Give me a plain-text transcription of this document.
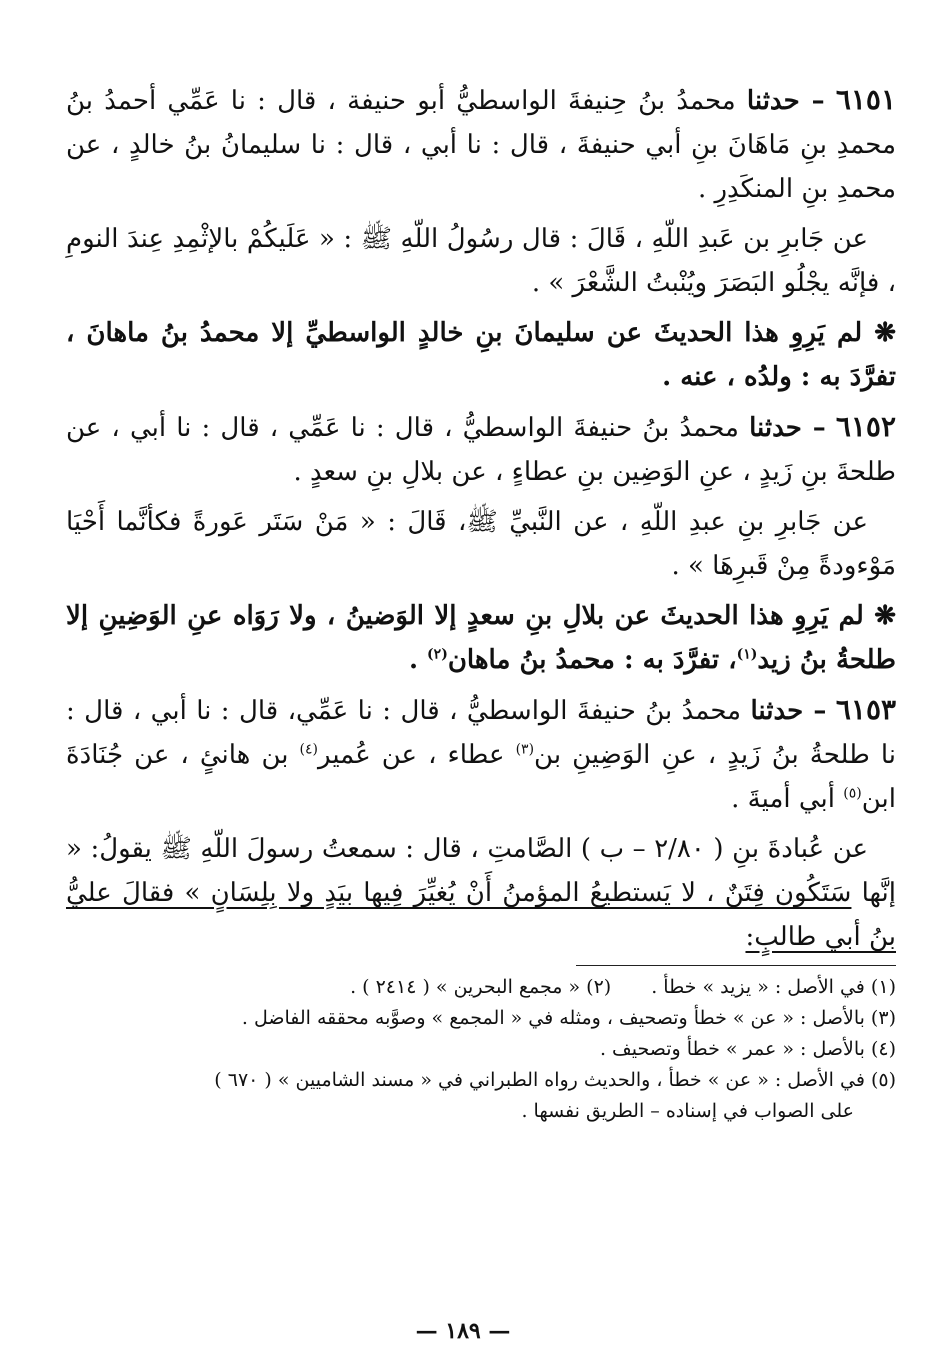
٦١٥١ – حدثنا محمدُ بنُ حِنيفةَ الواسطيُّ أبو حنيفة ، قال : نا عَمِّي أحمدُ بنُ محمدِ بنِ مَاهَانَ بنِ أبي حنيفةَ ، قال : نا أبي ، قال : نا سليمانُ بنُ خالدٍ ، عن محمدِ بنِ المنكَدِرِ .

عن جَابرِ بن عَبدِ اللّهِ ، قَالَ : قال رسُولُ اللّهِ ﷺ : « عَلَيكُمْ بالإثْمِدِ عِندَ النومِ ، فإنَّه يجْلُو البَصَرَ ويُنْبتُ الشَّعْرَ » .

❋ لم يَرِوِ هذا الحديثَ عن سليمانَ بنِ خالدٍ الواسطيِّ إلا محمدُ بنُ ماهانَ ، تفرَّدَ به : ولدُه ، عنه .

٦١٥٢ – حدثنا محمدُ بنُ حنيفةَ الواسطيُّ ، قال : نا عَمِّي ، قال : نا أبي ، عن طلحةَ بنِ زَيدٍ ، عنِ الوَضِين بنِ عطاءٍ ، عن بلالِ بنِ سعدٍ .

عن جَابرِ بنِ عبدِ اللّهِ ، عن النَّبيِّ ﷺ، قَالَ : « مَنْ سَتَر عَورةً فكأنَّما أَحْيَا مَوْءودةً مِنْ قَبرِهَا » .

❋ لم يَرِوِ هذا الحديثَ عن بلالِ بنِ سعدٍ إلا الوَضينُ ، ولا رَوَاه عنِ الوَضِينِ إلا طلحةُ بنُ زيد$^{(١)}$، تفرَّدَ به : محمدُ بنُ ماهان$^{(٢)}$ .

٦١٥٣ – حدثنا محمدُ بنُ حنيفةَ الواسطيُّ ، قال : نا عَمِّي، قال : نا أبي ، قال : نا طلحةُ بنُ زَيدٍ ، عنِ الوَضِينِ بن$^{(٣)}$ عطاء ، عن عُمير$^{(٤)}$ بن هانئٍ ، عن جُنَادَةَ ابن$^{(٥)}$ أبي أميةَ .

عن عُبادةَ بنِ ( ٢/٨٠ – ب ) الصَّامتِ ، قال : سمعتُ رسولَ اللّهِ ﷺ يقولُ: « إنَّها سَتَكُون فِتَنٌ ، لا يَستطيعُ المؤمنُ أَنْ يُغيِّرَ فِيها بيَدٍ ولا بِلِسَانٍ » فقالَ عليُّ بنُ أبي طالبٍ:

(١) في الأصل : « يزيد » خطأ .
(٢) « مجمع البحرين » ( ٢٤١٤ ) .

(٣) بالأصل : « عن » خطأ وتصحيف ، ومثله في « المجمع » وصوَّبه محققه الفاضل .

(٤) بالأصل : « عمر » خطأ وتصحيف .

(٥) في الأصل : « عن » خطأ ، والحديث رواه الطبراني في « مسند الشاميين » ( ٦٧٠ )

على الصواب في إسناده – الطريق نفسها .

— ١٨٩ —
